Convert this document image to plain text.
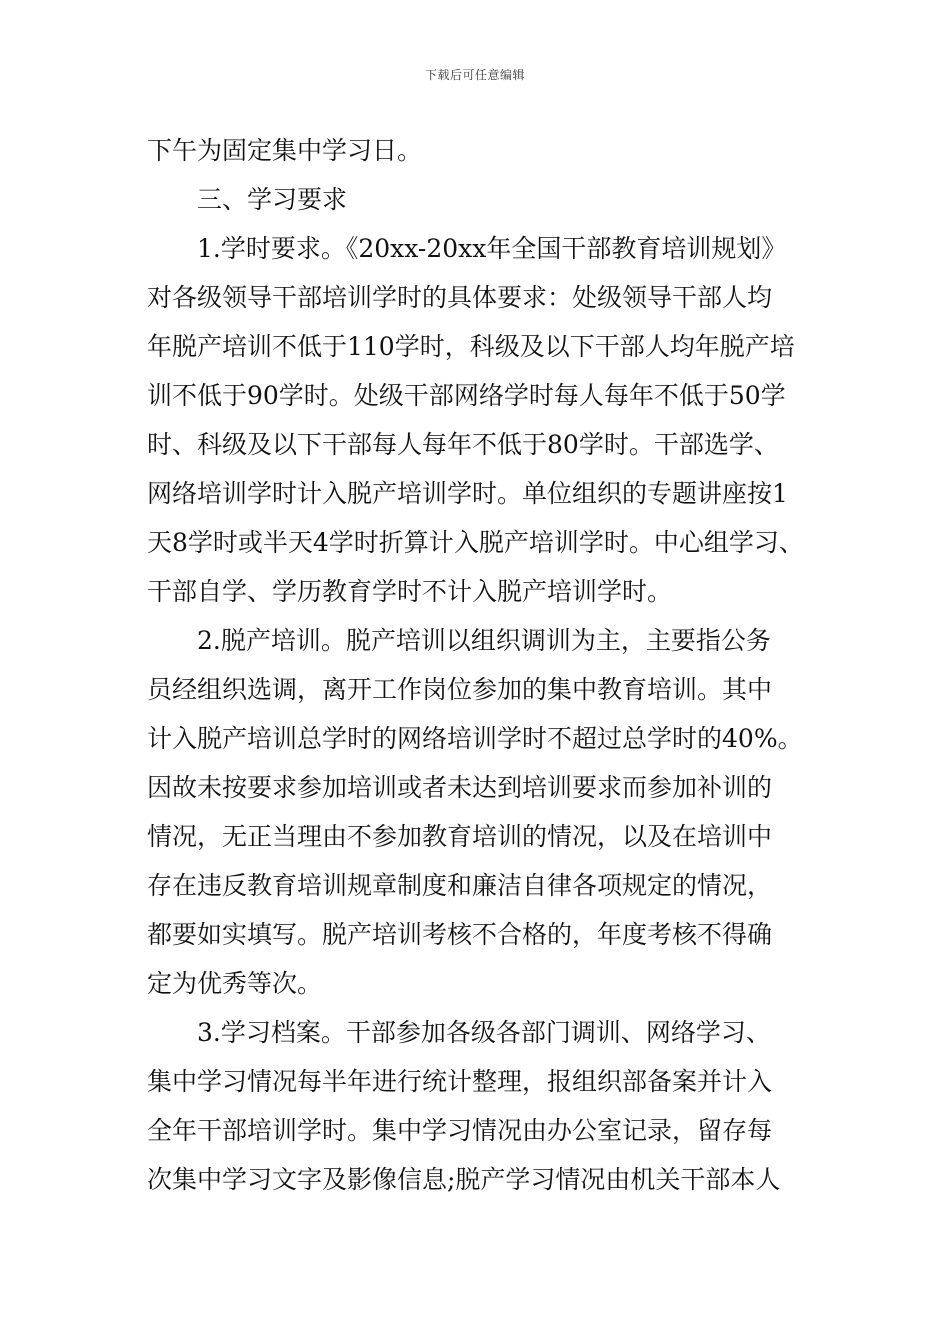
下载后可任意编辑
下午为固定集中学习日。
三、学习要求
1.学时要求。《20xx-20xx年全国干部教育培训规划》
对各级领导干部培训学时的具体要求：处级领导干部人均
年脱产培训不低于110学时，科级及以下干部人均年脱产培
训不低于90学时。处级干部网络学时每人每年不低于50学
时、科级及以下干部每人每年不低于80学时。干部选学、
网络培训学时计入脱产培训学时。单位组织的专题讲座按1
天8学时或半天4学时折算计入脱产培训学时。中心组学习、
干部自学、学历教育学时不计入脱产培训学时。
2.脱产培训。脱产培训以组织调训为主，主要指公务
员经组织选调，离开工作岗位参加的集中教育培训。其中
计入脱产培训总学时的网络培训学时不超过总学时的40%。
因故未按要求参加培训或者未达到培训要求而参加补训的
情况，无正当理由不参加教育培训的情况，以及在培训中
存在违反教育培训规章制度和廉洁自律各项规定的情况，
都要如实填写。脱产培训考核不合格的，年度考核不得确
定为优秀等次。
3.学习档案。干部参加各级各部门调训、网络学习、
集中学习情况每半年进行统计整理，报组织部备案并计入
全年干部培训学时。集中学习情况由办公室记录，留存每
次集中学习文字及影像信息;脱产学习情况由机关干部本人
